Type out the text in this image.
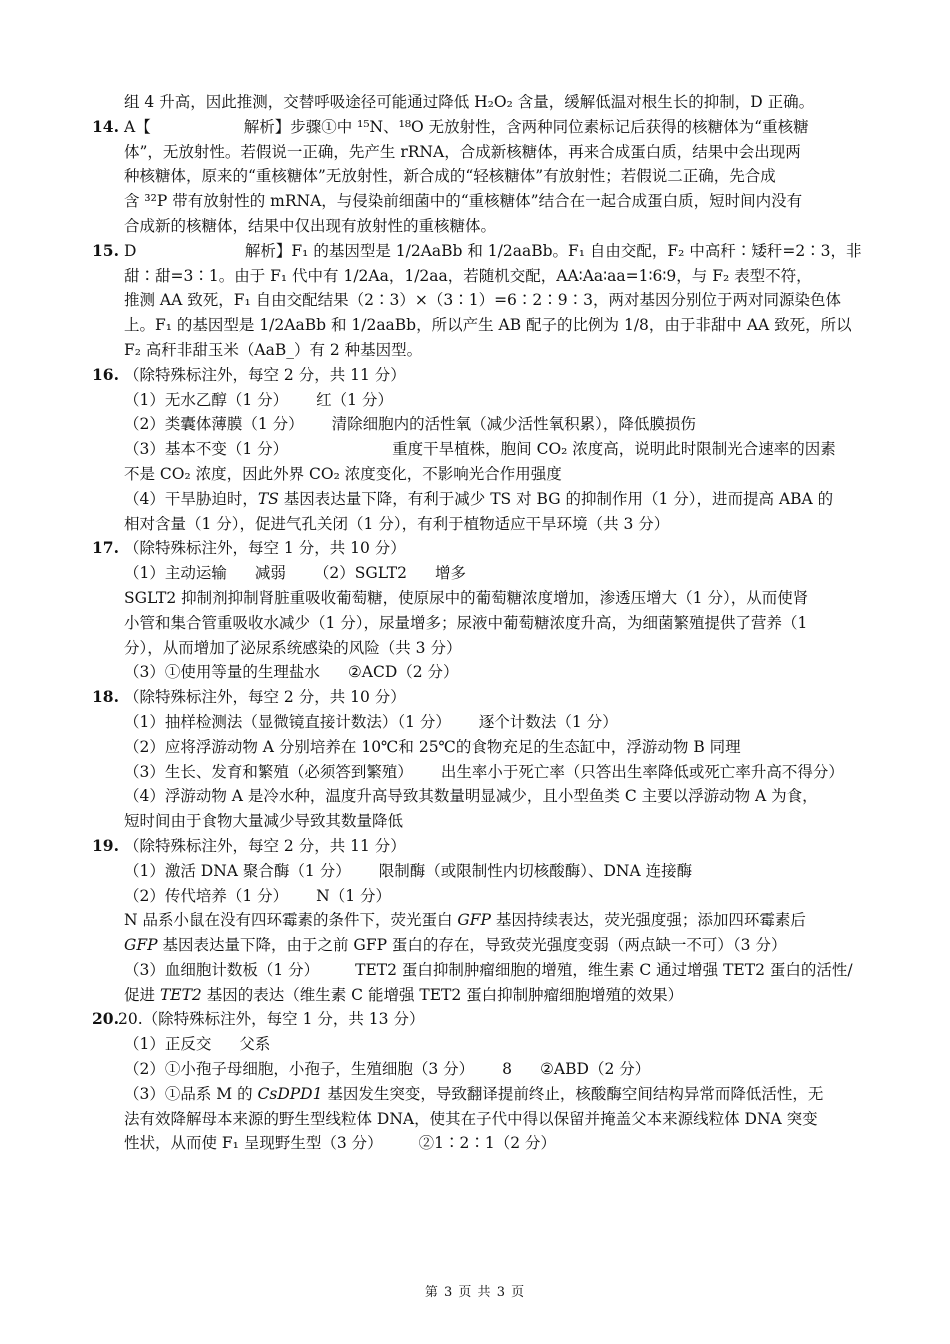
组 4 升高，因此推测，交替呼吸途径可能通过降低 H₂O₂ 含量，缓解低温对根生长的抑制，D 正确。
14. A【　　　　　　解析】步骤①中 ¹⁵N、¹⁸O 无放射性，含两种同位素标记后获得的核糖体为“重核糖
体”，无放射性。若假说一正确，先产生 rRNA，合成新核糖体，再来合成蛋白质，结果中会出现两
种核糖体，原来的“重核糖体”无放射性，新合成的“轻核糖体”有放射性；若假说二正确，先合成
含 ³²P 带有放射性的 mRNA，与侵染前细菌中的“重核糖体”结合在一起合成蛋白质，短时间内没有
合成新的核糖体，结果中仅出现有放射性的重核糖体。
15. D　　　　　　　解析】F₁ 的基因型是 1/2AaBb 和 1/2aaBb。F₁ 自由交配，F₂ 中高秆∶矮秆=2∶3，非
甜∶甜=3∶1。由于 F₁ 代中有 1/2Aa，1/2aa，若随机交配，AA∶Aa∶aa=1∶6∶9，与 F₂ 表型不符，
推测 AA 致死，F₁ 自由交配结果（2∶3）×（3∶1）=6∶2∶9∶3，两对基因分别位于两对同源染色体
上。F₁ 的基因型是 1/2AaBb 和 1/2aaBb，所以产生 AB 配子的比例为 1/8，由于非甜中 AA 致死，所以
F₂ 高秆非甜玉米（AaB_）有 2 种基因型。
16. （除特殊标注外，每空 2 分，共 11 分）
（1）无水乙醇（1 分） 红（1 分）
（2）类囊体薄膜（1 分） 清除细胞内的活性氧（减少活性氧积累），降低膜损伤
（3）基本不变（1 分）	重度干旱植株，胞间 CO₂ 浓度高，说明此时限制光合速率的因素
不是 CO₂ 浓度，因此外界 CO₂ 浓度变化，不影响光合作用强度
（4）干旱胁迫时，TS 基因表达量下降，有利于减少 TS 对 BG 的抑制作用（1 分），进而提高 ABA 的
相对含量（1 分），促进气孔关闭（1 分），有利于植物适应干旱环境（共 3 分）
17. （除特殊标注外，每空 1 分，共 10 分）
（1）主动运输 减弱 （2）SGLT2 增多
SGLT2 抑制剂抑制肾脏重吸收葡萄糖，使原尿中的葡萄糖浓度增加，渗透压增大（1 分），从而使肾
小管和集合管重吸收水减少（1 分），尿量增多；尿液中葡萄糖浓度升高，为细菌繁殖提供了营养（1
分），从而增加了泌尿系统感染的风险（共 3 分）
（3）①使用等量的生理盐水 ②ACD（2 分）
18. （除特殊标注外，每空 2 分，共 10 分）
（1）抽样检测法（显微镜直接计数法）（1 分） 逐个计数法（1 分）
（2）应将浮游动物 A 分别培养在 10℃和 25℃的食物充足的生态缸中，浮游动物 B 同理
（3）生长、发育和繁殖（必须答到繁殖） 出生率小于死亡率（只答出生率降低或死亡率升高不得分）
（4）浮游动物 A 是冷水种，温度升高导致其数量明显减少，且小型鱼类 C 主要以浮游动物 A 为食，
短时间由于食物大量减少导致其数量降低
19. （除特殊标注外，每空 2 分，共 11 分）
（1）激活 DNA 聚合酶（1 分） 限制酶（或限制性内切核酸酶）、DNA 连接酶
（2）传代培养（1 分） N（1 分）
N 品系小鼠在没有四环霉素的条件下，荧光蛋白 GFP 基因持续表达，荧光强度强；添加四环霉素后
GFP 基因表达量下降，由于之前 GFP 蛋白的存在，导致荧光强度变弱（两点缺一不可）（3 分）
（3）血细胞计数板（1 分） TET2 蛋白抑制肿瘤细胞的增殖，维生素 C 通过增强 TET2 蛋白的活性/
促进 TET2 基因的表达（维生素 C 能增强 TET2 蛋白抑制肿瘤细胞增殖的效果）
20. 20.（除特殊标注外，每空 1 分，共 13 分）
（1）正反交 父系
（2）①小孢子母细胞，小孢子，生殖细胞（3 分） 8 ②ABD（2 分）
（3）①品系 M 的 CsDPD1 基因发生突变，导致翻译提前终止，核酸酶空间结构异常而降低活性，无
法有效降解母本来源的野生型线粒体 DNA，使其在子代中得以保留并掩盖父本来源线粒体 DNA 突变
性状，从而使 F₁ 呈现野生型（3 分） ②1∶2∶1（2 分）
第 3 页 共 3 页
